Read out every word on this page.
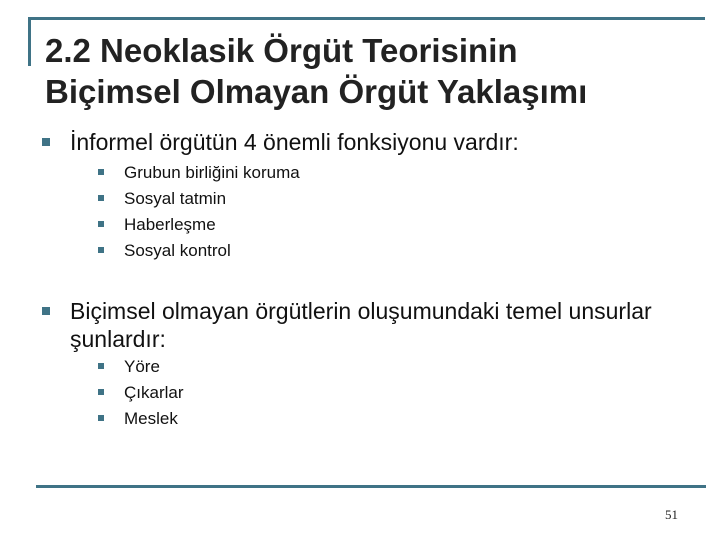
2.2 Neoklasik Örgüt Teorisinin
Biçimsel Olmayan Örgüt Yaklaşımı
İnformel örgütün 4 önemli fonksiyonu vardır:
Grubun birliğini koruma
Sosyal tatmin
Haberleşme
Sosyal kontrol
Biçimsel olmayan örgütlerin oluşumundaki temel unsurlar şunlardır:
Yöre
Çıkarlar
Meslek
51
